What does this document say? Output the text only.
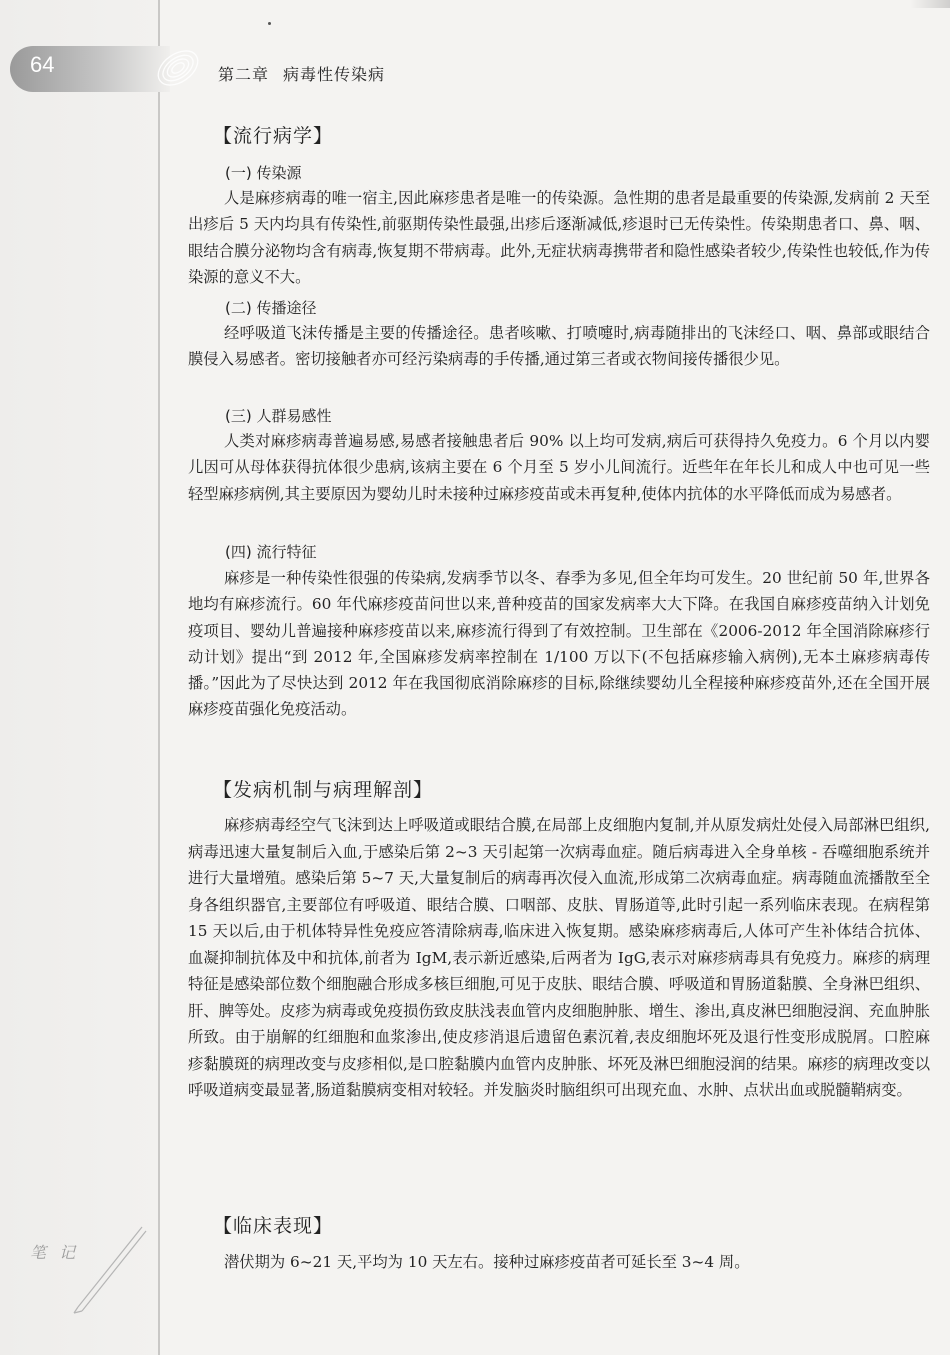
64	第二章 病毒性传染病
【流行病学】
(一) 传染源

人是麻疹病毒的唯一宿主,因此麻疹患者是唯一的传染源。急性期的患者是最重要的传染源,发病前 2 天至出疹后 5 天内均具有传染性,前驱期传染性最强,出疹后逐渐减低,疹退时已无传染性。传染期患者口、鼻、咽、眼结合膜分泌物均含有病毒,恢复期不带病毒。此外,无症状病毒携带者和隐性感染者较少,传染性也较低,作为传染源的意义不大。

(二) 传播途径

经呼吸道飞沫传播是主要的传播途径。患者咳嗽、打喷嚏时,病毒随排出的飞沫经口、咽、鼻部或眼结合膜侵入易感者。密切接触者亦可经污染病毒的手传播,通过第三者或衣物间接传播很少见。

(三) 人群易感性

人类对麻疹病毒普遍易感,易感者接触患者后 90% 以上均可发病,病后可获得持久免疫力。6 个月以内婴儿因可从母体获得抗体很少患病,该病主要在 6 个月至 5 岁小儿间流行。近些年在年长儿和成人中也可见一些轻型麻疹病例,其主要原因为婴幼儿时未接种过麻疹疫苗或未再复种,使体内抗体的水平降低而成为易感者。

(四) 流行特征

麻疹是一种传染性很强的传染病,发病季节以冬、春季为多见,但全年均可发生。20 世纪前 50 年,世界各地均有麻疹流行。60 年代麻疹疫苗问世以来,普种疫苗的国家发病率大大下降。在我国自麻疹疫苗纳入计划免疫项目、婴幼儿普遍接种麻疹疫苗以来,麻疹流行得到了有效控制。卫生部在《2006-2012 年全国消除麻疹行动计划》提出“到 2012 年,全国麻疹发病率控制在 1/100 万以下(不包括麻疹输入病例),无本土麻疹病毒传播。”因此为了尽快达到 2012 年在我国彻底消除麻疹的目标,除继续婴幼儿全程接种麻疹疫苗外,还在全国开展麻疹疫苗强化免疫活动。

【发病机制与病理解剖】

麻疹病毒经空气飞沫到达上呼吸道或眼结合膜,在局部上皮细胞内复制,并从原发病灶处侵入局部淋巴组织,病毒迅速大量复制后入血,于感染后第 2~3 天引起第一次病毒血症。随后病毒进入全身单核 - 吞噬细胞系统并进行大量增殖。感染后第 5~7 天,大量复制后的病毒再次侵入血流,形成第二次病毒血症。病毒随血流播散至全身各组织器官,主要部位有呼吸道、眼结合膜、口咽部、皮肤、胃肠道等,此时引起一系列临床表现。在病程第 15 天以后,由于机体特异性免疫应答清除病毒,临床进入恢复期。感染麻疹病毒后,人体可产生补体结合抗体、血凝抑制抗体及中和抗体,前者为 IgM,表示新近感染,后两者为 IgG,表示对麻疹病毒具有免疫力。麻疹的病理特征是感染部位数个细胞融合形成多核巨细胞,可见于皮肤、眼结合膜、呼吸道和胃肠道黏膜、全身淋巴组织、肝、脾等处。皮疹为病毒或免疫损伤致皮肤浅表血管内皮细胞肿胀、增生、渗出,真皮淋巴细胞浸润、充血肿胀所致。由于崩解的红细胞和血浆渗出,使皮疹消退后遗留色素沉着,表皮细胞坏死及退行性变形成脱屑。口腔麻疹黏膜斑的病理改变与皮疹相似,是口腔黏膜内血管内皮肿胀、坏死及淋巴细胞浸润的结果。麻疹的病理改变以呼吸道病变最显著,肠道黏膜病变相对较轻。并发脑炎时脑组织可出现充血、水肿、点状出血或脱髓鞘病变。

【临床表现】

潜伏期为 6~21 天,平均为 10 天左右。接种过麻疹疫苗者可延长至 3~4 周。

笔 记
